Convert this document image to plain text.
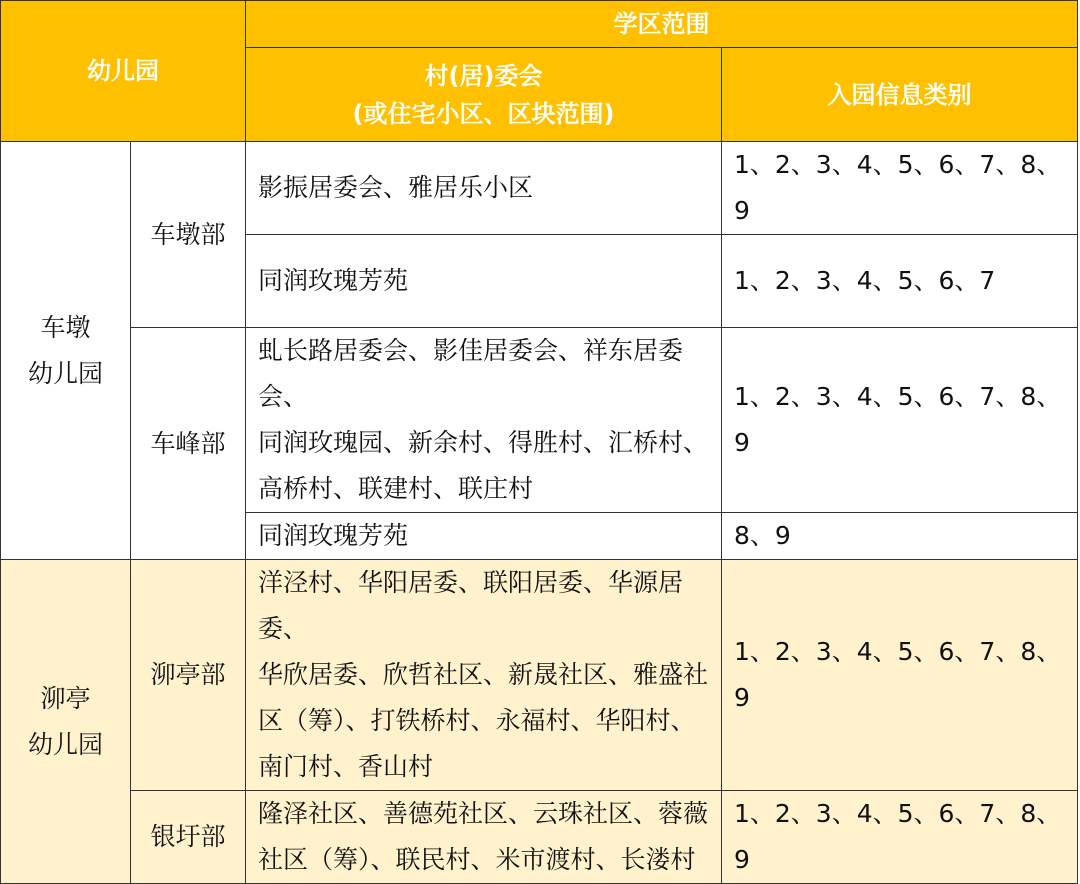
幼儿园		学区范围	

		村(居)委会
(或住宅小区、区块范围)	入园信息类别

车墩
幼儿园	车墩部	影振居委会、雅居乐小区	1、2、3、4、5、6、7、8、9
		同润玫瑰芳苑	1、2、3、4、5、6、7
	车峰部	虬长路居委会、影佳居委会、祥东居委会、
同润玫瑰园、新余村、得胜村、汇桥村、
高桥村、联建村、联庄村	1、2、3、4、5、6、7、8、9
		同润玫瑰芳苑	8、9

泖亭
幼儿园	泖亭部	洋泾村、华阳居委、联阳居委、华源居委、
华欣居委、欣哲社区、新晟社区、雅盛社
区（筹）、打铁桥村、永福村、华阳村、
南门村、香山村	1、2、3、4、5、6、7、8、9
	银圩部	隆泽社区、善德苑社区、云珠社区、蓉薇
社区（筹）、联民村、米市渡村、长溇村	1、2、3、4、5、6、7、8、9
